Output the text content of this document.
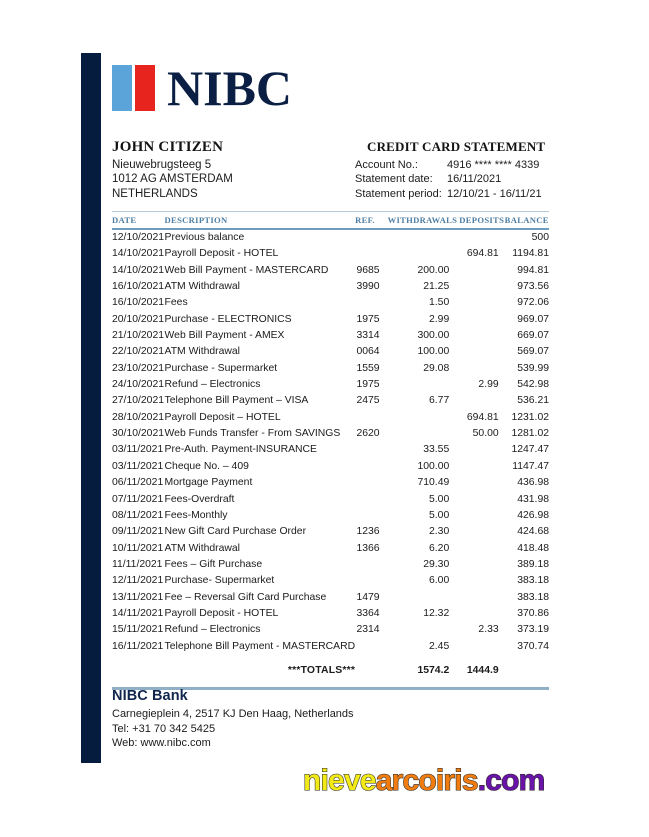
NIBC
JOHN CITIZEN
Nieuwebrugsteeg 5
1012 AG AMSTERDAM
NETHERLANDS
CREDIT CARD STATEMENT
Account No.:	4916 **** **** 4339
Statement date:	16/11/2021
Statement period: 12/10/21 - 16/11/21
DATE	DESCRIPTION	REF.	WITHDRAWALS	DEPOSITS	BALANCE
12/10/2021	Previous balance				500
14/10/2021	Payroll Deposit - HOTEL			694.81	1194.81
14/10/2021	Web Bill Payment - MASTERCARD	9685	200.00		994.81
16/10/2021	ATM Withdrawal	3990	21.25		973.56
16/10/2021	Fees		1.50		972.06
20/10/2021	Purchase - ELECTRONICS	1975	2.99		969.07
21/10/2021	Web Bill Payment - AMEX	3314	300.00		669.07
22/10/2021	ATM Withdrawal	0064	100.00		569.07
23/10/2021	Purchase - Supermarket	1559	29.08		539.99
24/10/2021	Refund – Electronics	1975		2.99	542.98
27/10/2021	Telephone Bill Payment – VISA	2475	6.77		536.21
28/10/2021	Payroll Deposit – HOTEL			694.81	1231.02
30/10/2021	Web Funds Transfer - From SAVINGS	2620		50.00	1281.02
03/11/2021	Pre-Auth. Payment-INSURANCE		33.55		1247.47
03/11/2021	Cheque No. – 409		100.00		1147.47
06/11/2021	Mortgage Payment		710.49		436.98
07/11/2021	Fees-Overdraft		5.00		431.98
08/11/2021	Fees-Monthly		5.00		426.98
09/11/2021	New Gift Card Purchase Order	1236	2.30		424.68
10/11/2021	ATM Withdrawal	1366	6.20		418.48
11/11/2021	Fees – Gift Purchase		29.30		389.18
12/11/2021	Purchase- Supermarket		6.00		383.18
13/11/2021	Fee – Reversal Gift Card Purchase	1479			383.18
14/11/2021	Payroll Deposit - HOTEL	3364	12.32		370.86
15/11/2021	Refund – Electronics	2314		2.33	373.19
16/11/2021	Telephone Bill Payment - MASTERCARD		2.45		370.74
	***TOTALS***		1574.2	1444.9	
NIBC Bank
Carnegieplein 4, 2517 KJ Den Haag, Netherlands
Tel: +31 70 342 5425
Web: www.nibc.com
nievearcoiris.com
